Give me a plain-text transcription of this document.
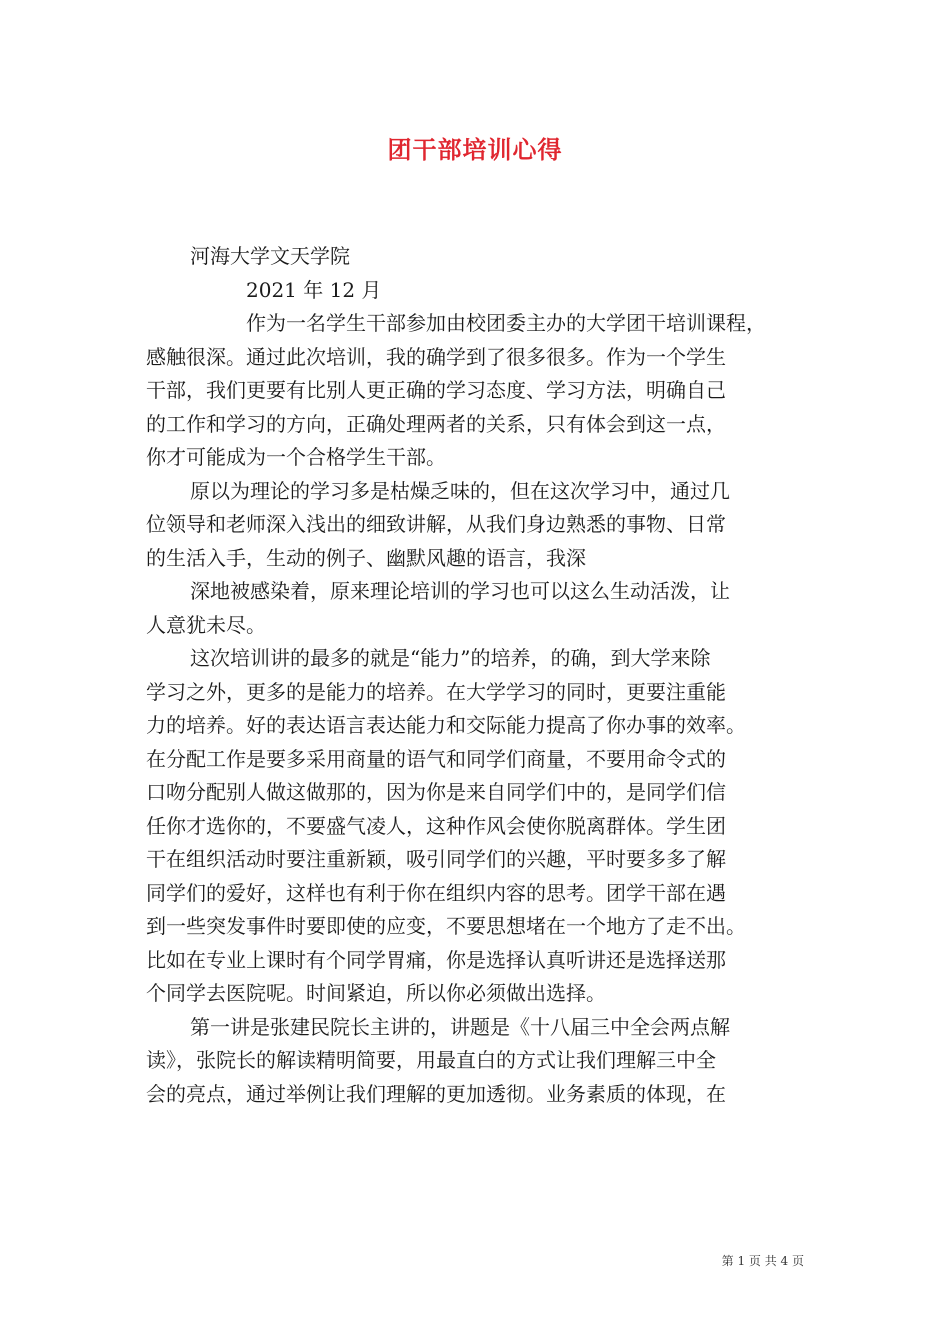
团干部培训心得
河海大学文天学院
2021 年 12 月
作为一名学生干部参加由校团委主办的大学团干培训课程，
感触很深。通过此次培训，我的确学到了很多很多。作为一个学生
干部，我们更要有比别人更正确的学习态度、学习方法，明确自己
的工作和学习的方向，正确处理两者的关系，只有体会到这一点，
你才可能成为一个合格学生干部。
原以为理论的学习多是枯燥乏味的，但在这次学习中，通过几
位领导和老师深入浅出的细致讲解，从我们身边熟悉的事物、日常
的生活入手，生动的例子、幽默风趣的语言，我深
深地被感染着，原来理论培训的学习也可以这么生动活泼，让
人意犹未尽。
这次培训讲的最多的就是“能力”的培养，的确，到大学来除
学习之外，更多的是能力的培养。在大学学习的同时，更要注重能
力的培养。好的表达语言表达能力和交际能力提高了你办事的效率。
在分配工作是要多采用商量的语气和同学们商量，不要用命令式的
口吻分配别人做这做那的，因为你是来自同学们中的，是同学们信
任你才选你的，不要盛气凌人，这种作风会使你脱离群体。学生团
干在组织活动时要注重新颖，吸引同学们的兴趣，平时要多多了解
同学们的爱好，这样也有利于你在组织内容的思考。团学干部在遇
到一些突发事件时要即使的应变，不要思想堵在一个地方了走不出。
比如在专业上课时有个同学胃痛，你是选择认真听讲还是选择送那
个同学去医院呢。时间紧迫，所以你必须做出选择。
第一讲是张建民院长主讲的，讲题是《十八届三中全会两点解
读》，张院长的解读精明简要，用最直白的方式让我们理解三中全
会的亮点，通过举例让我们理解的更加透彻。业务素质的体现，在
第 1 页 共 4 页
